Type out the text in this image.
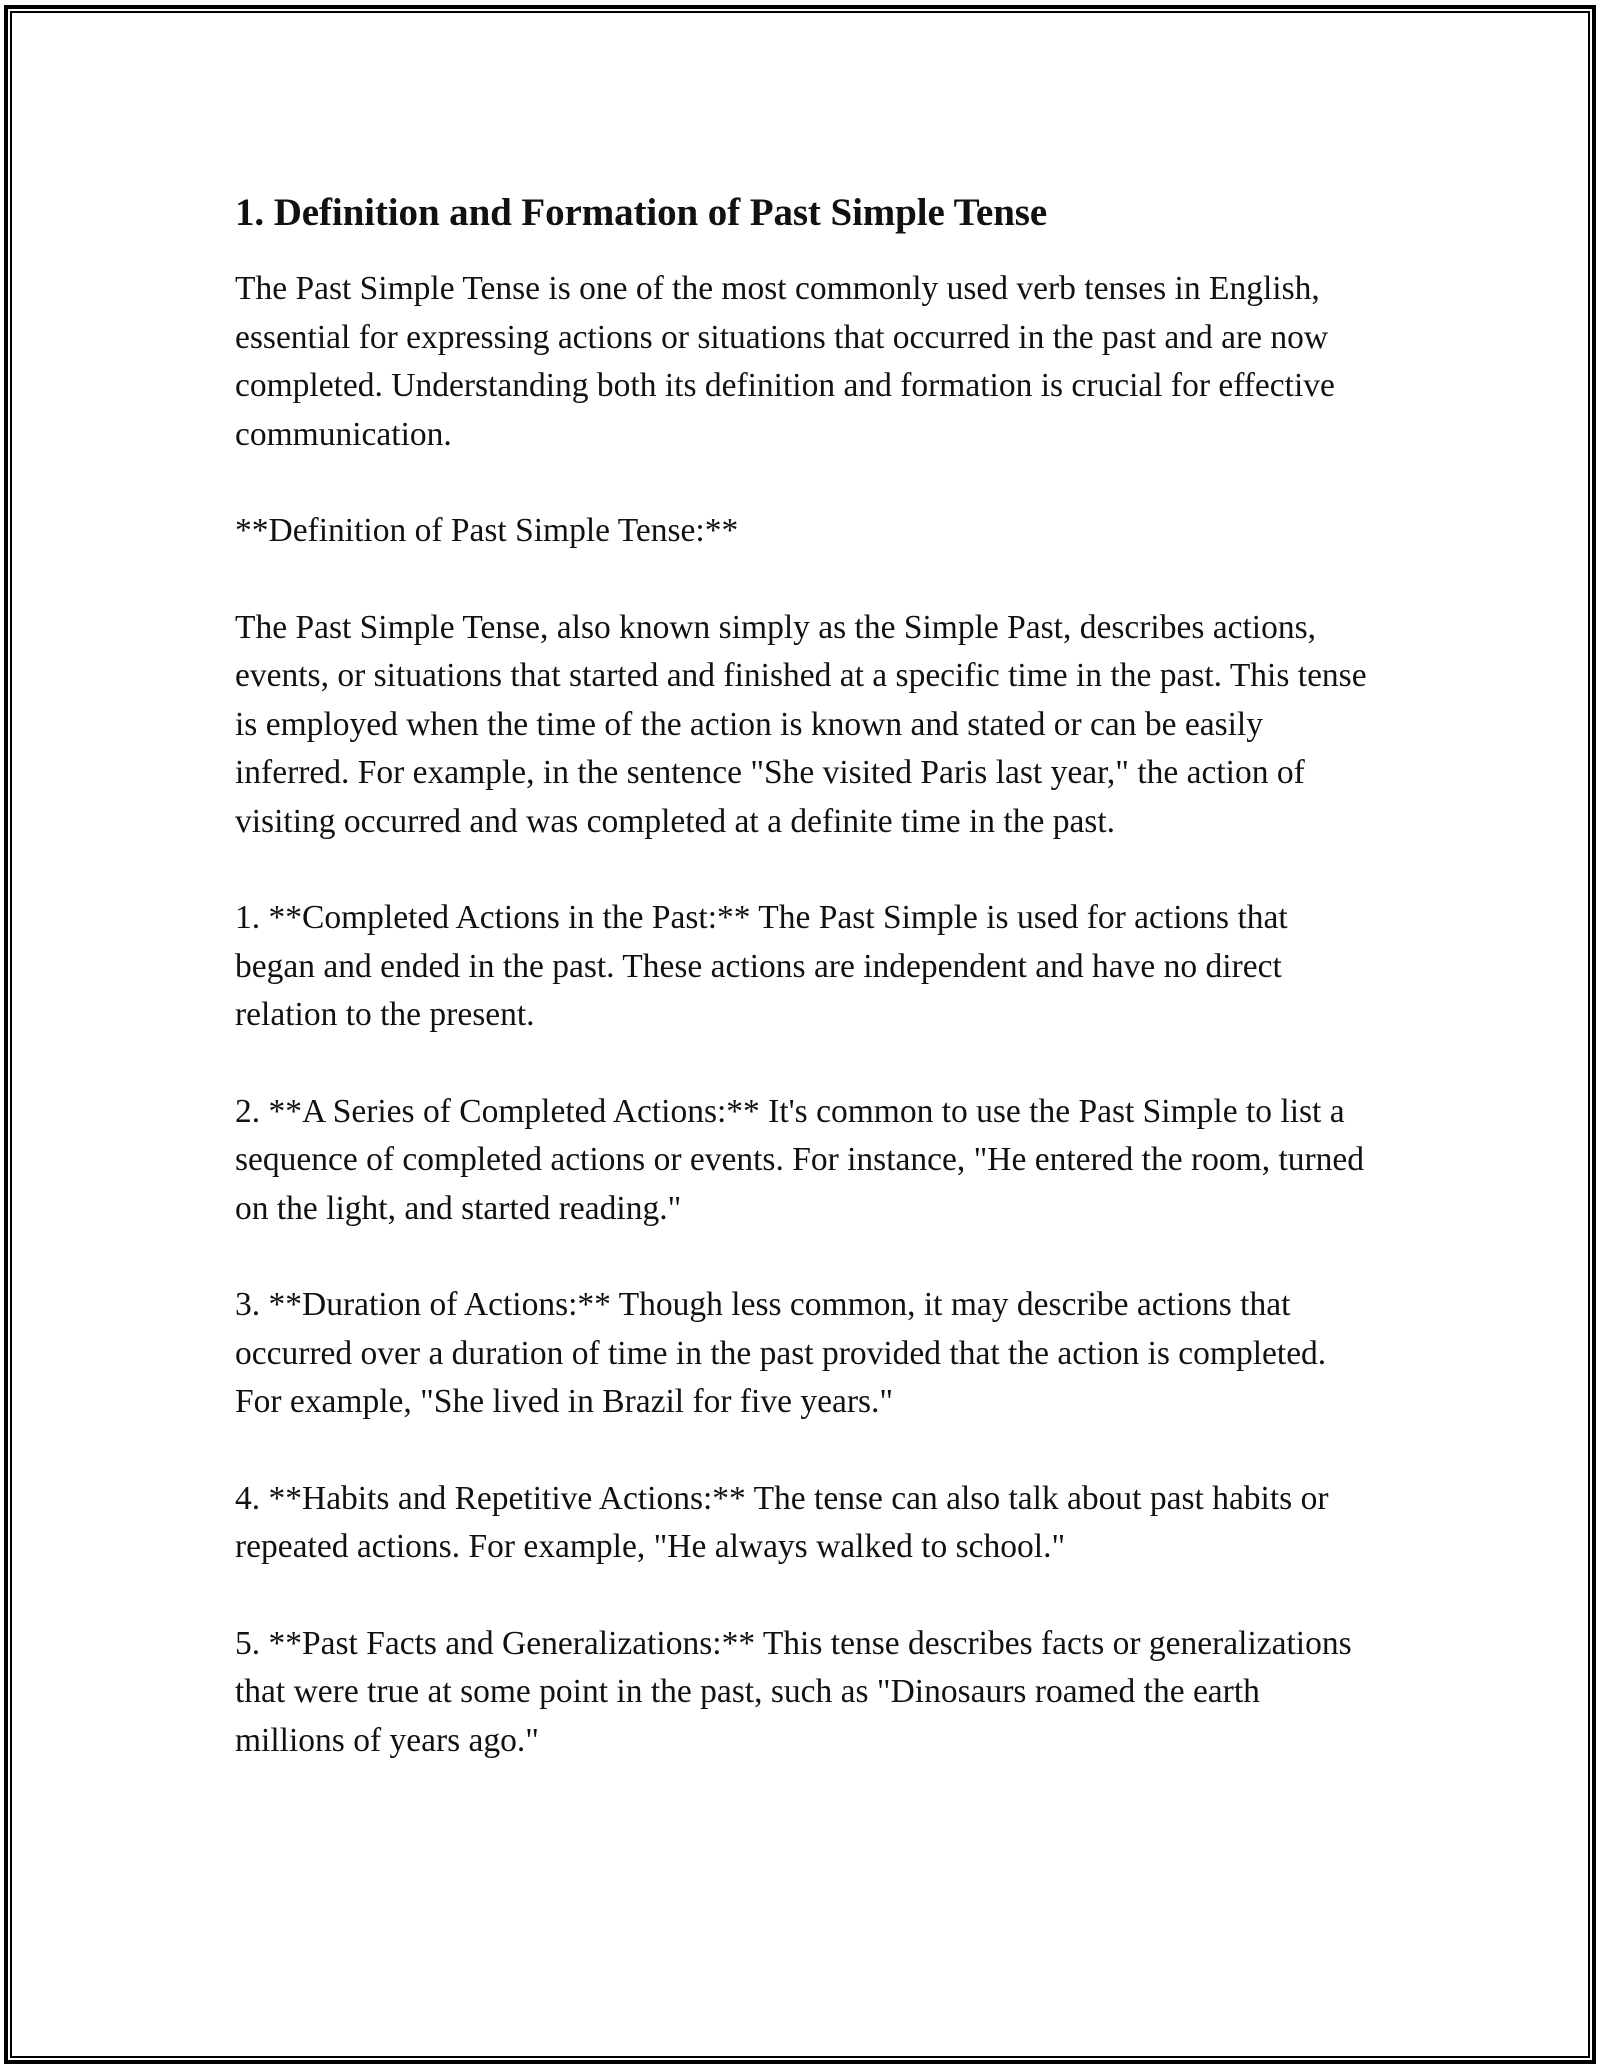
1. Definition and Formation of Past Simple Tense

The Past Simple Tense is one of the most commonly used verb tenses in English, essential for expressing actions or situations that occurred in the past and are now completed. Understanding both its definition and formation is crucial for effective communication.

**Definition of Past Simple Tense:**

The Past Simple Tense, also known simply as the Simple Past, describes actions, events, or situations that started and finished at a specific time in the past. This tense is employed when the time of the action is known and stated or can be easily inferred. For example, in the sentence "She visited Paris last year," the action of visiting occurred and was completed at a definite time in the past.

1. **Completed Actions in the Past:** The Past Simple is used for actions that began and ended in the past. These actions are independent and have no direct relation to the present.

2. **A Series of Completed Actions:** It's common to use the Past Simple to list a sequence of completed actions or events. For instance, "He entered the room, turned on the light, and started reading."

3. **Duration of Actions:** Though less common, it may describe actions that occurred over a duration of time in the past provided that the action is completed. For example, "She lived in Brazil for five years."

4. **Habits and Repetitive Actions:** The tense can also talk about past habits or repeated actions. For example, "He always walked to school."

5. **Past Facts and Generalizations:** This tense describes facts or generalizations that were true at some point in the past, such as "Dinosaurs roamed the earth millions of years ago."
